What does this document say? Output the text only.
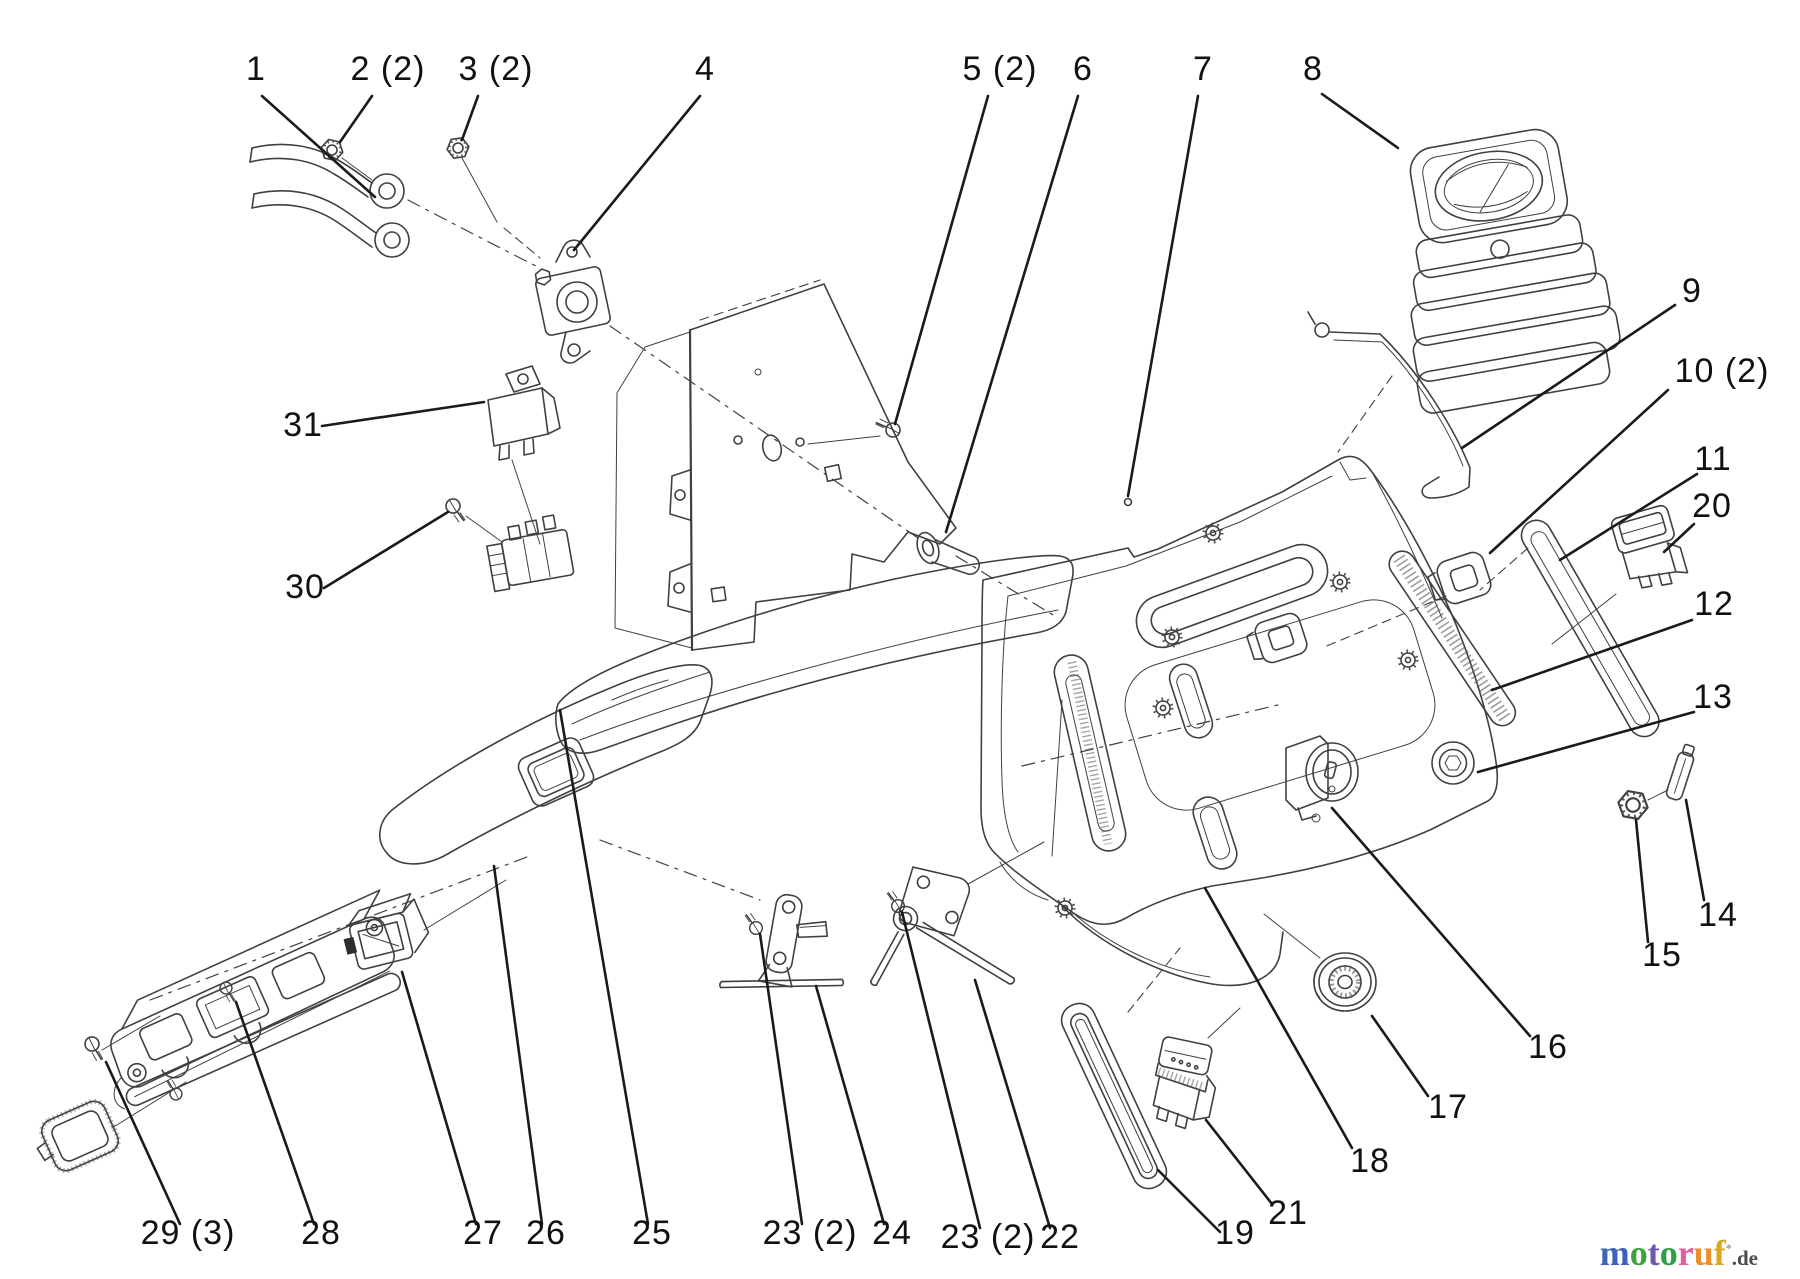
1 2 (2) 3 (2)	4	5 (2) 6	7	8
9
10 (2)
11
20
12
13
14
15
16
17
18
21
19
22
23 (2)
24
23 (2)
25
26
27
28
29 (3)
30
31
motoruf*.de
